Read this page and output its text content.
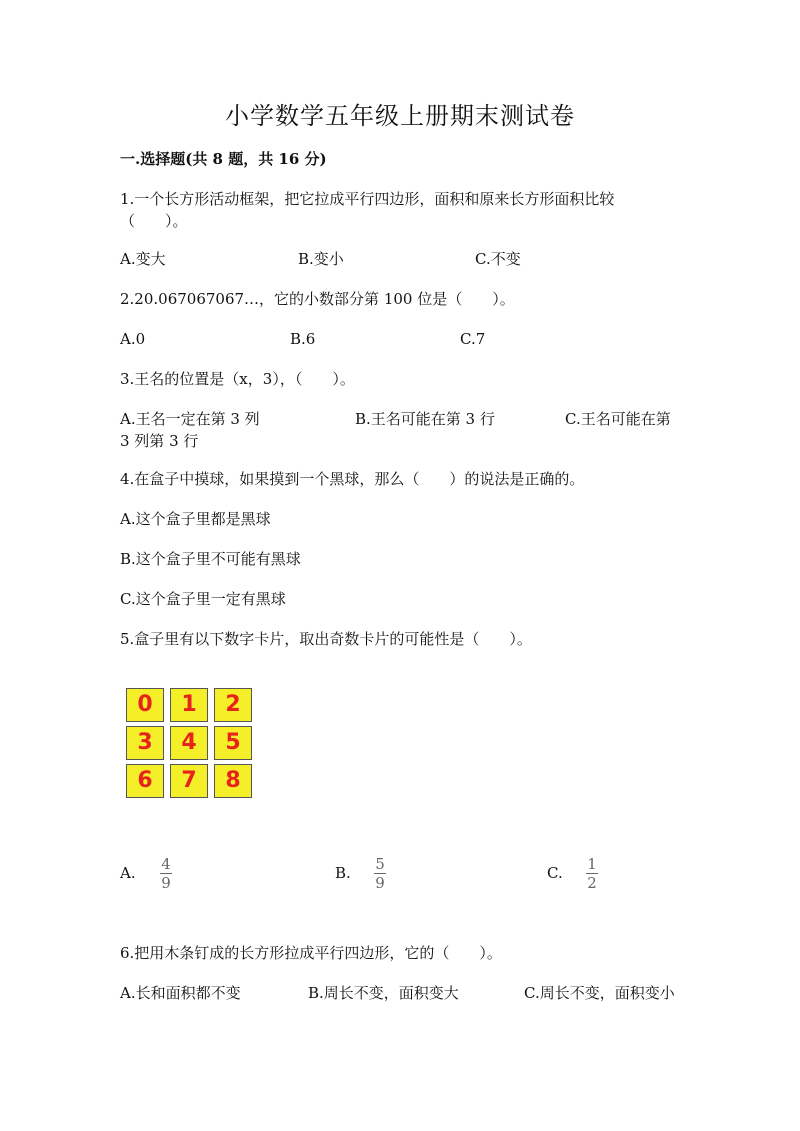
小学数学五年级上册期末测试卷
一.选择题(共 8 题，共 16 分)
1.一个长方形活动框架，把它拉成平行四边形，面积和原来长方形面积比较（　　）。
A.变大	B.变小	C.不变
2.20.067067067…，它的小数部分第 100 位是（　　）。
A.0	B.6	C.7
3.王名的位置是（x，3），（　　）。
A.王名一定在第 3 列	B.王名可能在第 3 行	C.王名可能在第 3 列第 3 行
4.在盒子中摸球，如果摸到一个黑球，那么（　　）的说法是正确的。
A.这个盒子里都是黑球
B.这个盒子里不可能有黑球
C.这个盒子里一定有黑球
5.盒子里有以下数字卡片，取出奇数卡片的可能性是（　　）。
0	1	2
3	4	5
6	7	8
A. 4
9
B. 5
9
C. 1
2
6.把用木条钉成的长方形拉成平行四边形，它的（　　）。
A.长和面积都不变	B.周长不变，面积变大	C.周长不变，面积变小
